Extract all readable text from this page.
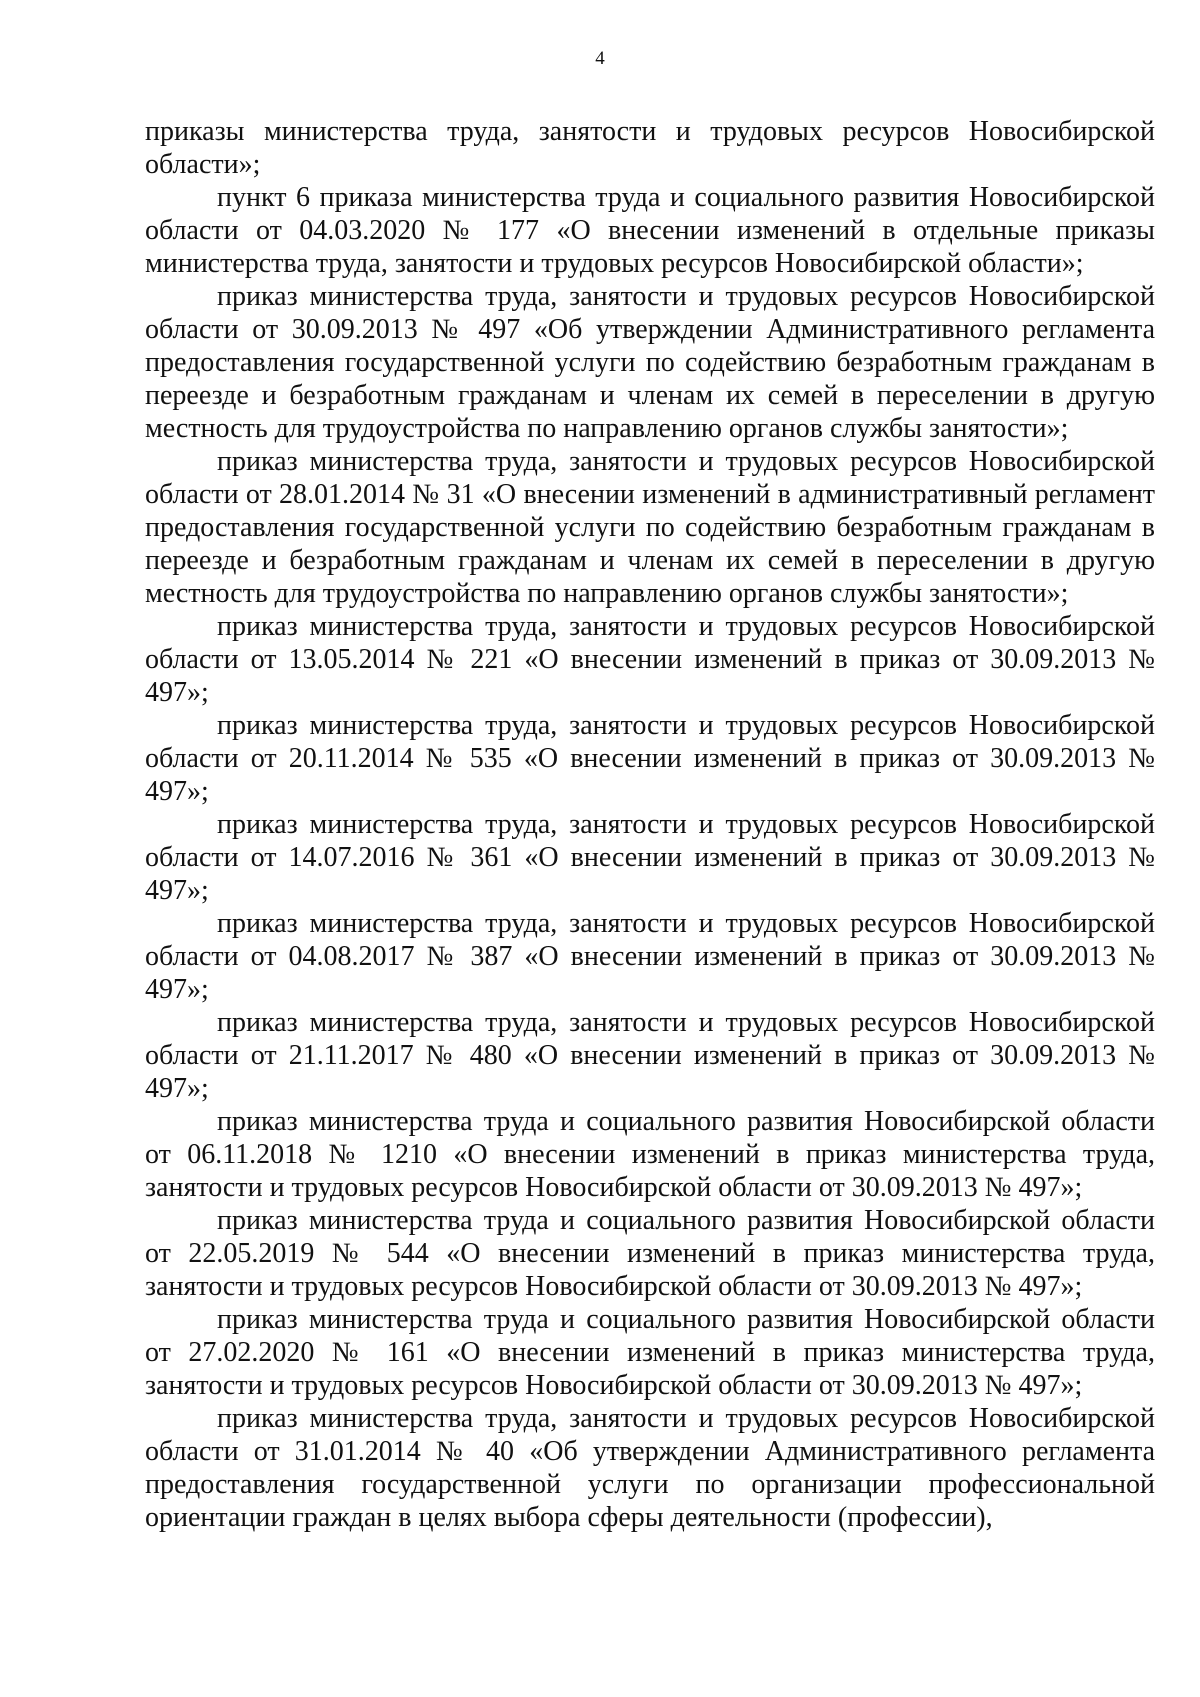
4

приказы министерства труда, занятости и трудовых ресурсов Новосибирской области»;

пункт 6 приказа министерства труда и социального развития Новосибирской области от 04.03.2020 № 177 «О внесении изменений в отдельные приказы министерства труда, занятости и трудовых ресурсов Новосибирской области»;

приказ министерства труда, занятости и трудовых ресурсов Новосибирской области от 30.09.2013 № 497 «Об утверждении Административного регламента предоставления государственной услуги по содействию безработным гражданам в переезде и безработным гражданам и членам их семей в переселении в другую местность для трудоустройства по направлению органов службы занятости»;

приказ министерства труда, занятости и трудовых ресурсов Новосибирской области от 28.01.2014 № 31 «О внесении изменений в административный регламент предоставления государственной услуги по содействию безработным гражданам в переезде и безработным гражданам и членам их семей в переселении в другую местность для трудоустройства по направлению органов службы занятости»;

приказ министерства труда, занятости и трудовых ресурсов Новосибирской области от 13.05.2014 № 221 «О внесении изменений в приказ от 30.09.2013 № 497»;

приказ министерства труда, занятости и трудовых ресурсов Новосибирской области от 20.11.2014 № 535 «О внесении изменений в приказ от 30.09.2013 № 497»;

приказ министерства труда, занятости и трудовых ресурсов Новосибирской области от 14.07.2016 № 361 «О внесении изменений в приказ от 30.09.2013 № 497»;

приказ министерства труда, занятости и трудовых ресурсов Новосибирской области от 04.08.2017 № 387 «О внесении изменений в приказ от 30.09.2013 № 497»;

приказ министерства труда, занятости и трудовых ресурсов Новосибирской области от 21.11.2017 № 480 «О внесении изменений в приказ от 30.09.2013 № 497»;

приказ министерства труда и социального развития Новосибирской области от 06.11.2018 № 1210 «О внесении изменений в приказ министерства труда, занятости и трудовых ресурсов Новосибирской области от 30.09.2013 № 497»;

приказ министерства труда и социального развития Новосибирской области от 22.05.2019 № 544 «О внесении изменений в приказ министерства труда, занятости и трудовых ресурсов Новосибирской области от 30.09.2013 № 497»;

приказ министерства труда и социального развития Новосибирской области от 27.02.2020 № 161 «О внесении изменений в приказ министерства труда, занятости и трудовых ресурсов Новосибирской области от 30.09.2013 № 497»;

приказ министерства труда, занятости и трудовых ресурсов Новосибирской области от 31.01.2014 № 40 «Об утверждении Административного регламента предоставления государственной услуги по организации профессиональной ориентации граждан в целях выбора сферы деятельности (профессии),
